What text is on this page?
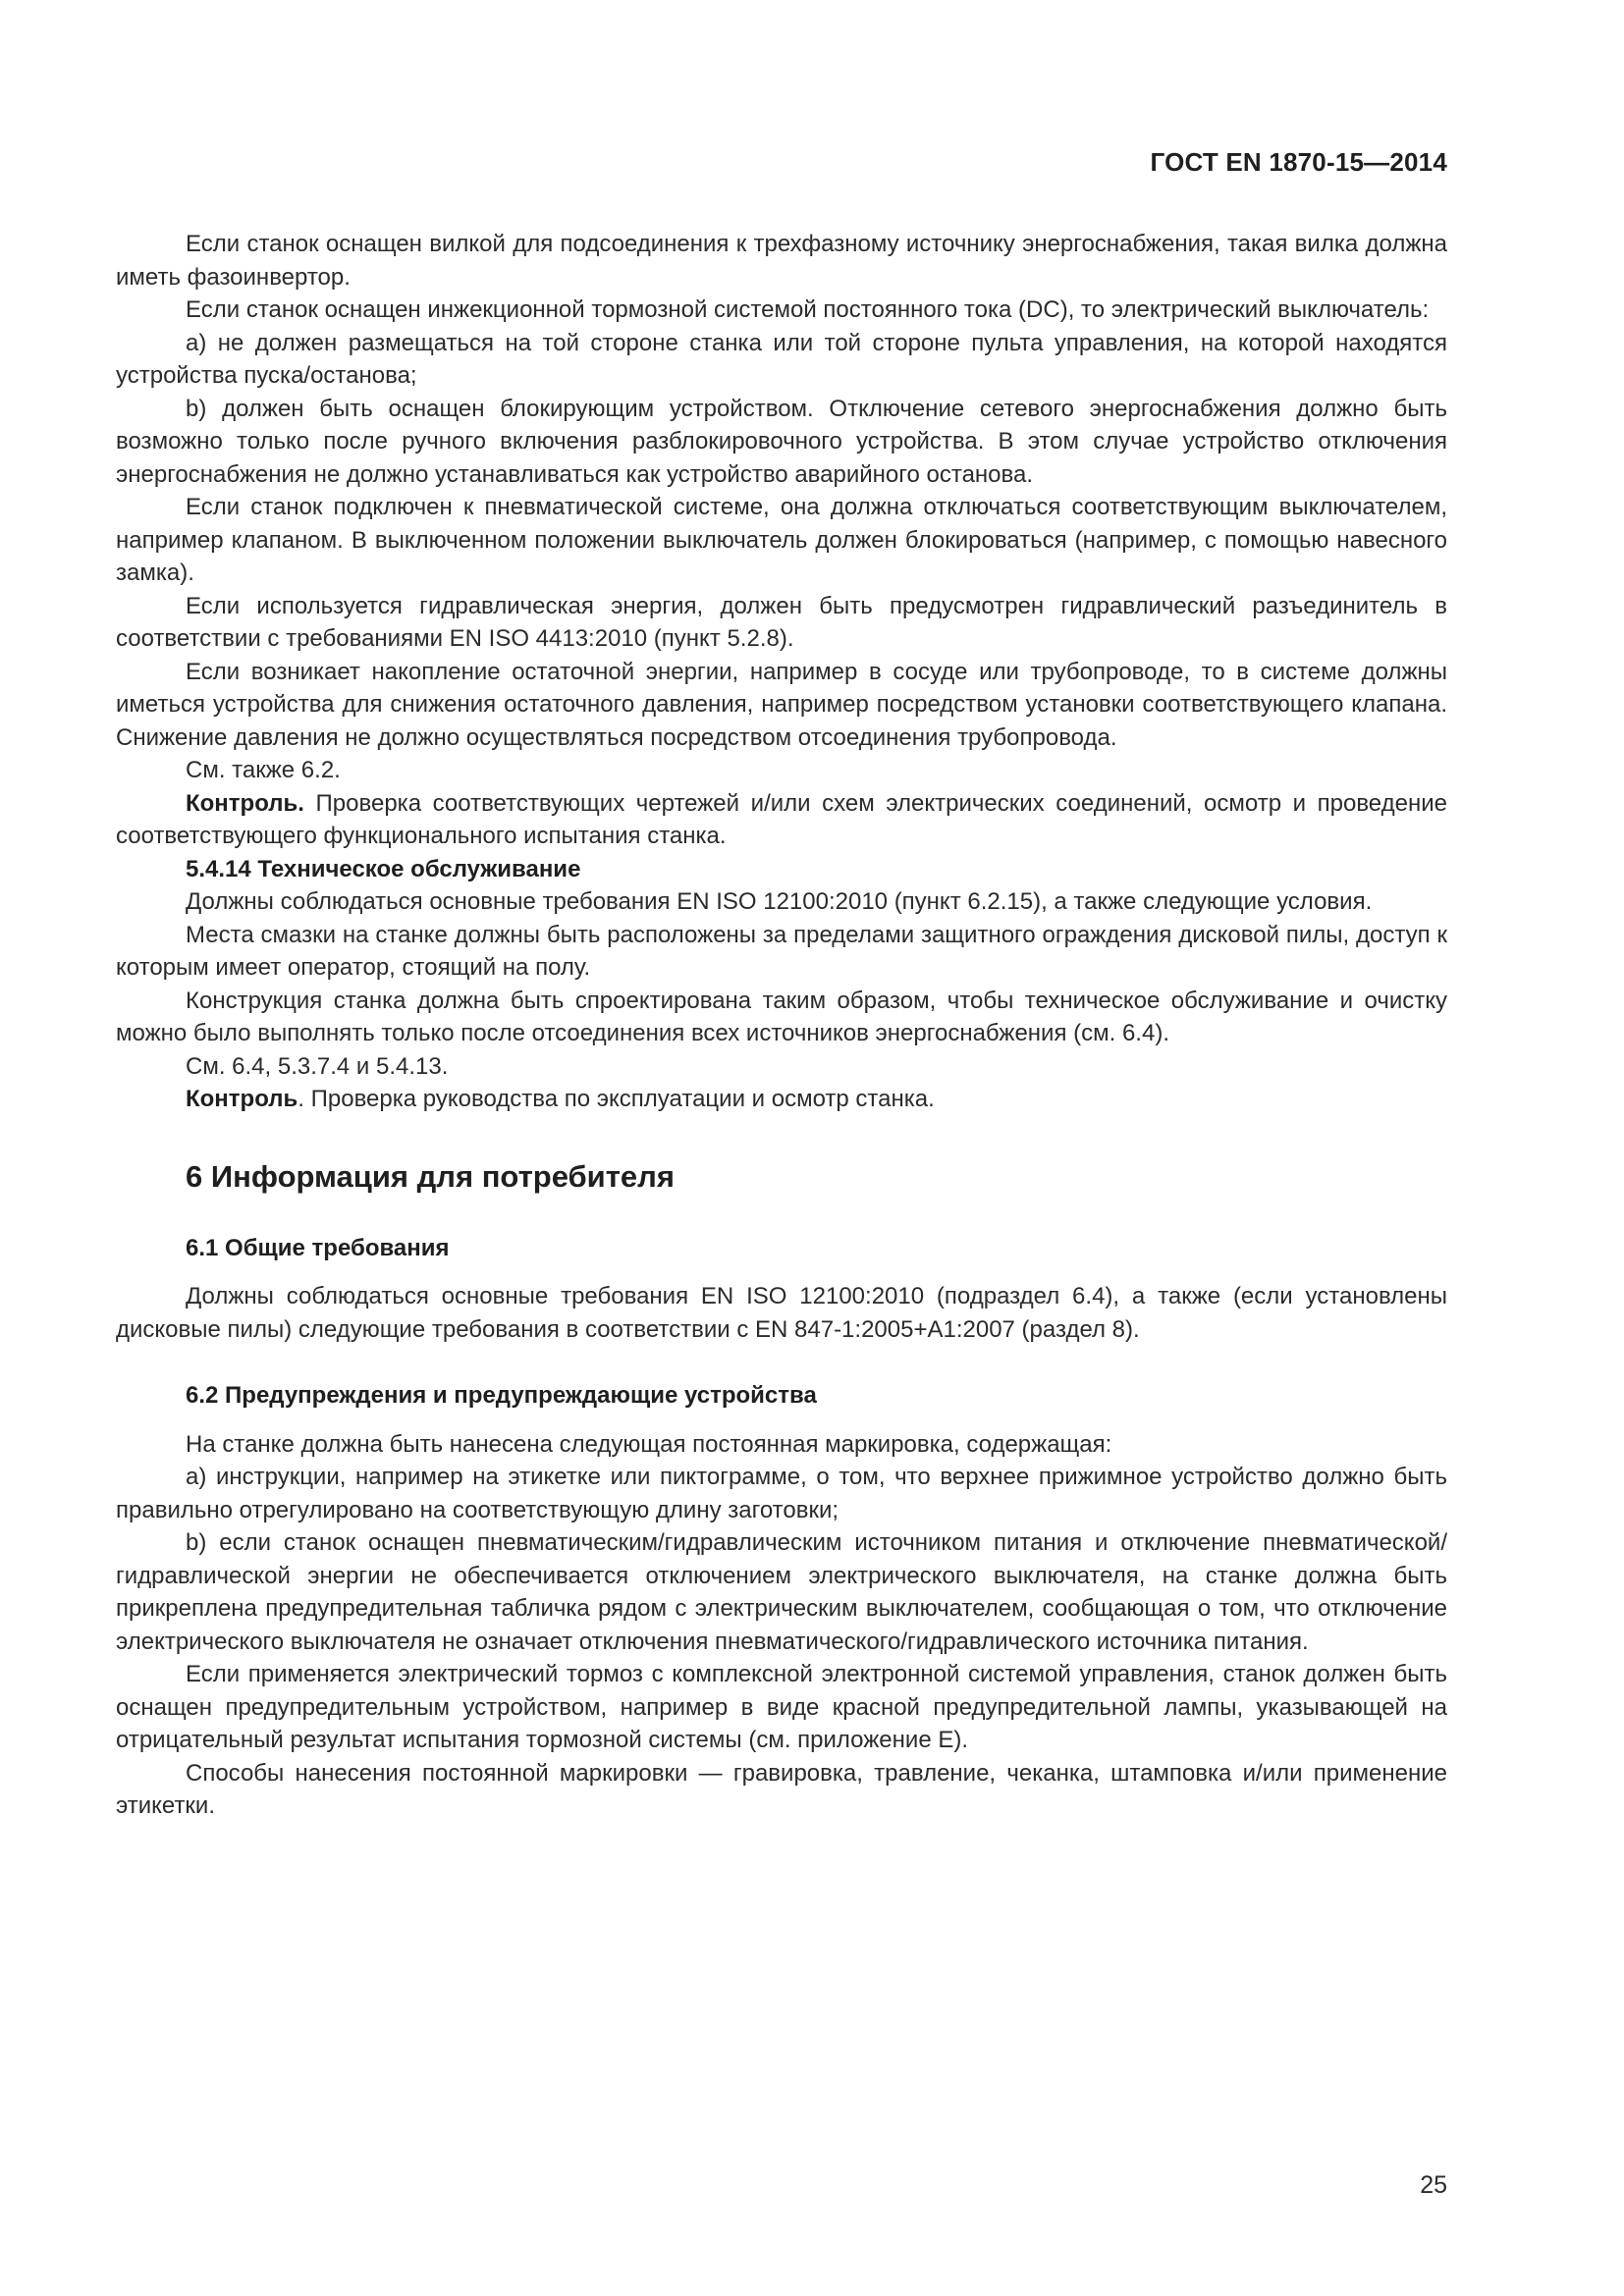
ГОСТ EN 1870-15—2014

Если станок оснащен вилкой для подсоединения к трехфазному источнику энергоснабжения, такая вилка должна иметь фазоинвертор.

Если станок оснащен инжекционной тормозной системой постоянного тока (DC), то электрический выключатель:

a) не должен размещаться на той стороне станка или той стороне пульта управления, на которой находятся устройства пуска/останова;

b) должен быть оснащен блокирующим устройством. Отключение сетевого энергоснабжения должно быть возможно только после ручного включения разблокировочного устройства. В этом случае устройство отключения энергоснабжения не должно устанавливаться как устройство аварийного останова.

Если станок подключен к пневматической системе, она должна отключаться соответствующим выключателем, например клапаном. В выключенном положении выключатель должен блокироваться (например, с помощью навесного замка).

Если используется гидравлическая энергия, должен быть предусмотрен гидравлический разъединитель в соответствии с требованиями EN ISO 4413:2010 (пункт 5.2.8).

Если возникает накопление остаточной энергии, например в сосуде или трубопроводе, то в системе должны иметься устройства для снижения остаточного давления, например посредством установки соответствующего клапана. Снижение давления не должно осуществляться посредством отсоединения трубопровода.

См. также 6.2.

Контроль. Проверка соответствующих чертежей и/или схем электрических соединений, осмотр и проведение соответствующего функционального испытания станка.

5.4.14 Техническое обслуживание

Должны соблюдаться основные требования EN ISO 12100:2010 (пункт 6.2.15), а также следующие условия.

Места смазки на станке должны быть расположены за пределами защитного ограждения дисковой пилы, доступ к которым имеет оператор, стоящий на полу.

Конструкция станка должна быть спроектирована таким образом, чтобы техническое обслуживание и очистку можно было выполнять только после отсоединения всех источников энергоснабжения (см. 6.4).

См. 6.4, 5.3.7.4 и 5.4.13.

Контроль. Проверка руководства по эксплуатации и осмотр станка.

6 Информация для потребителя
6.1 Общие требования

Должны соблюдаться основные требования EN ISO 12100:2010 (подраздел 6.4), а также (если установлены дисковые пилы) следующие требования в соответствии с EN 847-1:2005+A1:2007 (раздел 8).

6.2 Предупреждения и предупреждающие устройства

На станке должна быть нанесена следующая постоянная маркировка, содержащая:

a) инструкции, например на этикетке или пиктограмме, о том, что верхнее прижимное устройство должно быть правильно отрегулировано на соответствующую длину заготовки;

b) если станок оснащен пневматическим/гидравлическим источником питания и отключение пневматической/гидравлической энергии не обеспечивается отключением электрического выключателя, на станке должна быть прикреплена предупредительная табличка рядом с электрическим выключателем, сообщающая о том, что отключение электрического выключателя не означает отключения пневматического/гидравлического источника питания.

Если применяется электрический тормоз с комплексной электронной системой управления, станок должен быть оснащен предупредительным устройством, например в виде красной предупредительной лампы, указывающей на отрицательный результат испытания тормозной системы (см. приложение E).

Способы нанесения постоянной маркировки — гравировка, травление, чеканка, штамповка и/или применение этикетки.

25
